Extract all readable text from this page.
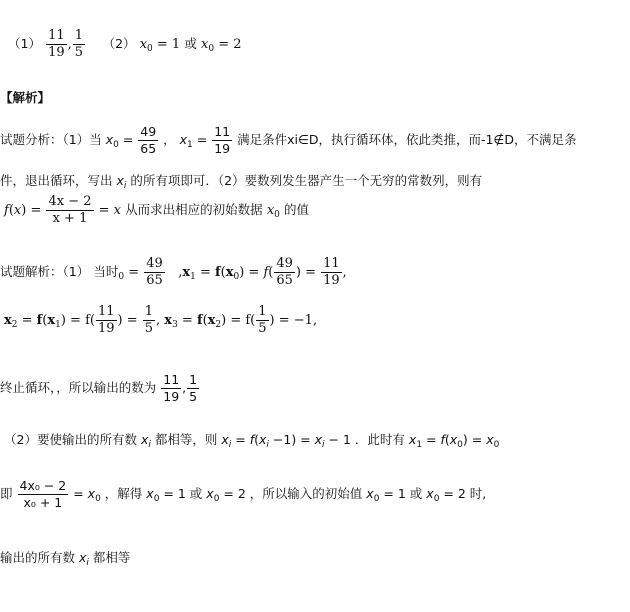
$(1) \frac{11}{19}$ , $\frac{1}{5} (2) x_0 = 1$ 或 $x_0 = 2$
【解析】
试题分析：（1）当 $x_0 = \frac{49}{65}$ ， $x_1 = \frac{11}{19}$ 满足条件xi∈D，执行循环体，依此类推，而-1∉D，不满足条
件，退出循环，写出 $x_i$ 的所有项即可．（2）要数列发生器产生一个无穷的常数列，则有
$f(x) = \frac{4x - 2}{x + 1} = x$ 从而求出相应的初始数据 $x_0$ 的值
试题解析：（1） 当时$_0 = \frac{49}{65} ,x_1 = f(x_0) = f( \frac{49}{65}$ ) = $\frac{11}{19}$ ,
$x_2 = f(x_1) = f( \frac{11}{19}$ ) = $\frac{1}{5}$ , $x_3 = f(x_2) = f( \frac{1}{5}$ ) = −1,
终止循环，，所以输出的数为 $\frac{11}{19}$ , $\frac{1}{5}$
（2）要使输出的所有数 $x_i$ 都相等，则 $x_i = f(x_i -1) = x_i - 1$ ．此时有 $x_1 = f(x_0) = x_0$
即 $\frac{\text{4x₀ − 2}}{\text{x₀ + 1}} = x_0$ ，解得 $x_0 = 1$ 或 $x_0 = 2$ ，所以输入的初始值 $x_0 = 1$ 或 $x_0 = 2$ 时,
输出的所有数 $x_i$ 都相等
